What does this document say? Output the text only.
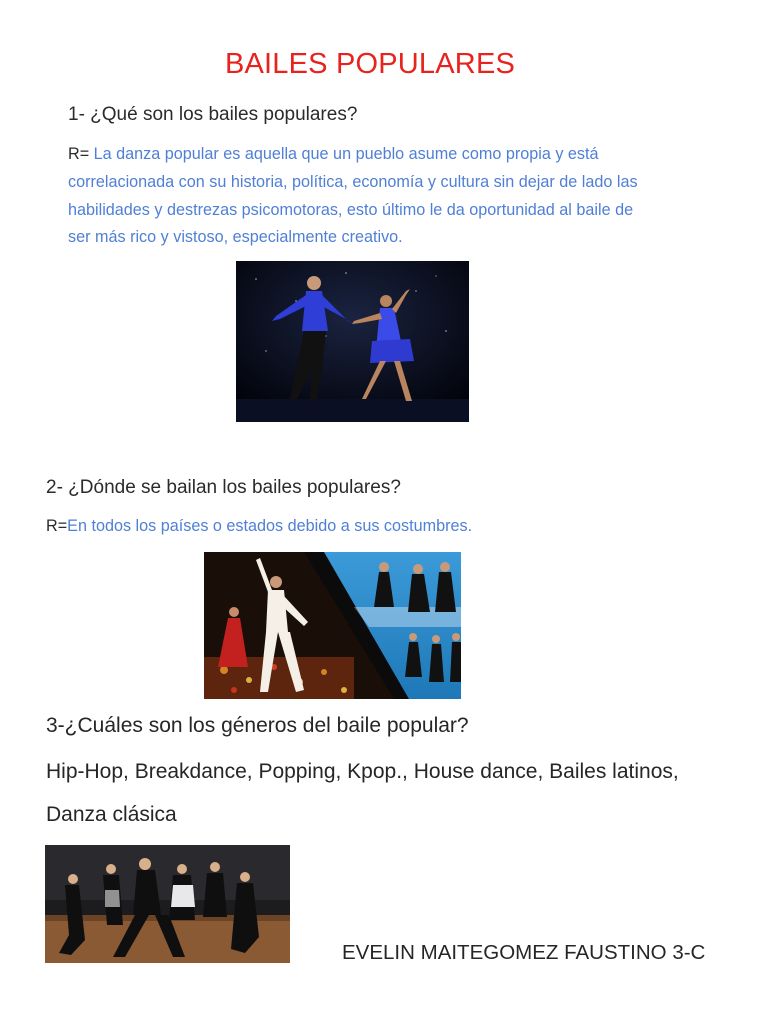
BAILES POPULARES
1- ¿Qué son los bailes populares?
R= La danza popular es aquella que un pueblo asume como propia y está
correlacionada con su historia, política, economía y cultura sin dejar de lado las
habilidades y destrezas psicomotoras, esto último le da oportunidad al baile de
ser más rico y vistoso, especialmente creativo.
2- ¿Dónde se bailan los bailes populares?
R=En todos los países o estados debido a sus costumbres.
3-¿Cuáles son los géneros del baile popular?
Hip-Hop, Breakdance, Popping, Kpop., House dance, Bailes latinos,
Danza clásica
EVELIN MAITEGOMEZ FAUSTINO 3-C
